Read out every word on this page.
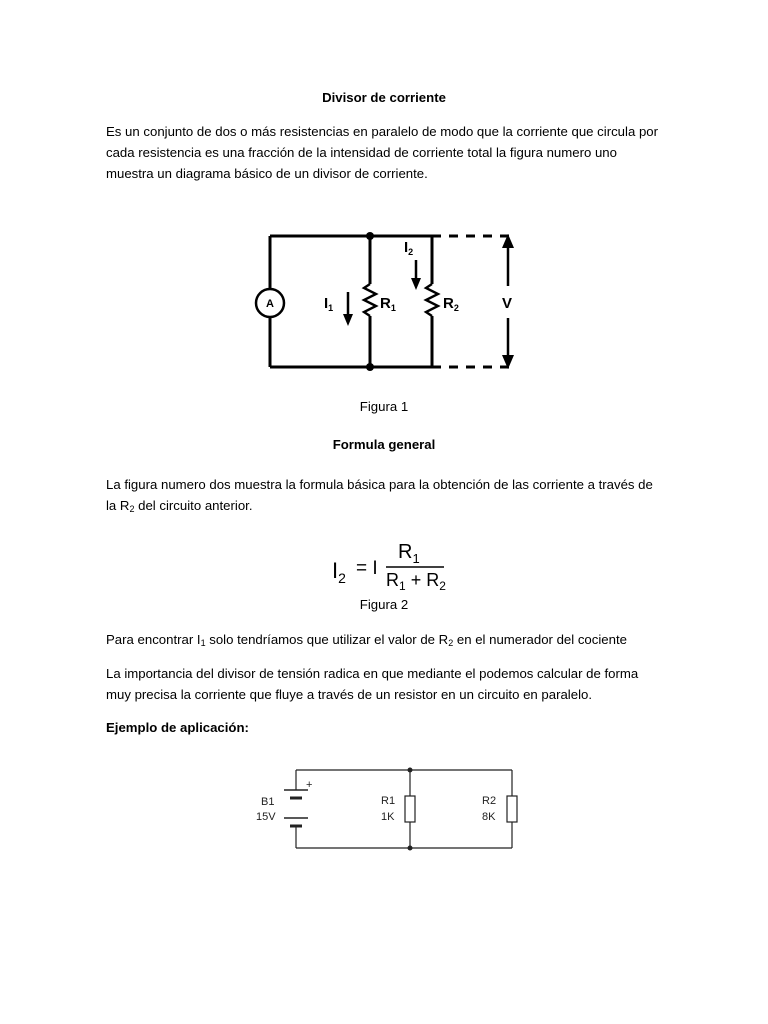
Divisor de corriente
Es un conjunto de dos o más resistencias en paralelo de modo que la corriente que circula por cada resistencia es una fracción de la intensidad de corriente total la figura numero uno muestra un diagrama básico de un divisor de corriente.
A	$I_1$
$I_2$
$R_1$	$R_2$	V
Figura 1
Formula general
La figura numero dos muestra la formula básica para la obtención de las corriente a través de la $R_2$ del circuito anterior.
$I_2 = I$
$R_1$
$R_1 + R_2$
Figura 2
Para encontrar $I_1$ solo tendríamos que utilizar el valor de $R_2$ en el numerador del cociente
La importancia del divisor de tensión radica en que mediante el podemos calcular de forma muy precisa la corriente que fluye a través de un resistor en un circuito en paralelo.
Ejemplo de aplicación:
+
B1
15V
R1
1K
R2
8K
